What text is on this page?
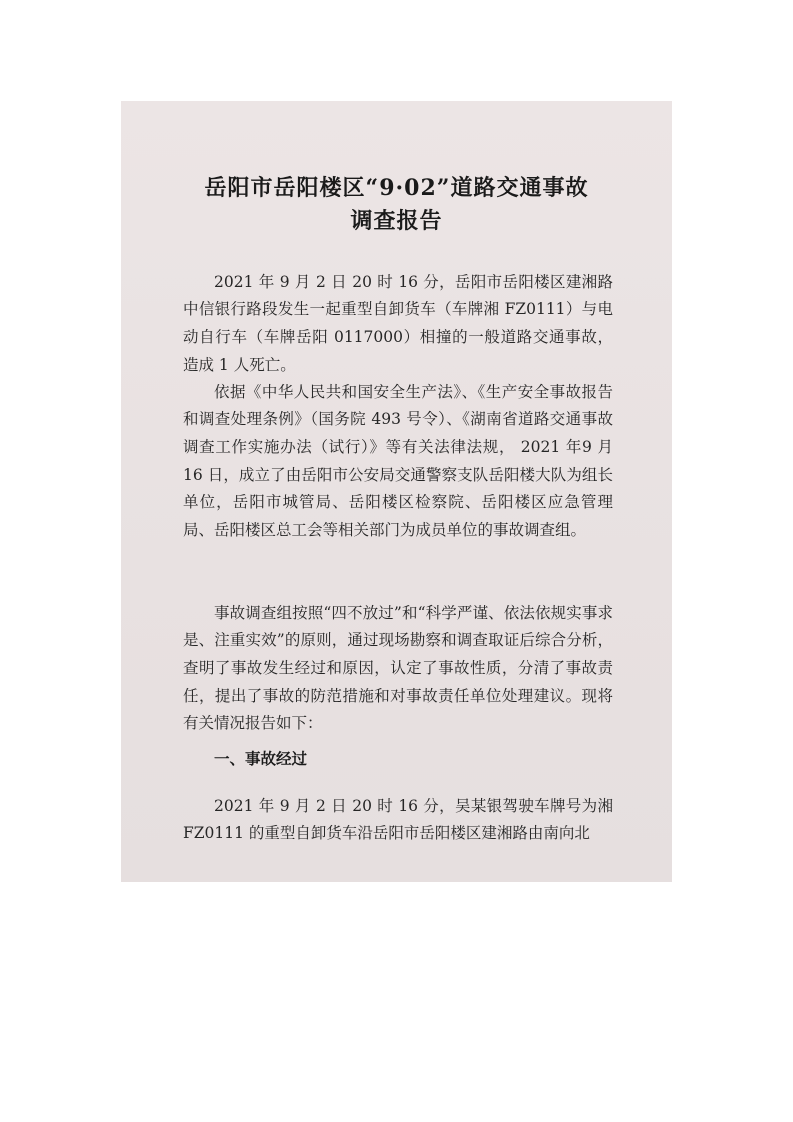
岳阳市岳阳楼区“9·02”道路交通事故
调查报告

2021 年 9 月 2 日 20 时 16 分，岳阳市岳阳楼区建湘路中信银行路段发生一起重型自卸货车（车牌湘 FZ0111）与电动自行车（车牌岳阳 0117000）相撞的一般道路交通事故，造成 1 人死亡。

依据《中华人民共和国安全生产法》、《生产安全事故报告和调查处理条例》（国务院 493 号令）、《湖南省道路交通事故调查工作实施办法（试行）》等有关法律法规， 2021 年9 月 16 日，成立了由岳阳市公安局交通警察支队岳阳楼大队为组长单位，岳阳市城管局、岳阳楼区检察院、岳阳楼区应急管理局、岳阳楼区总工会等相关部门为成员单位的事故调查组。

事故调查组按照“四不放过”和“科学严谨、依法依规实事求是、注重实效”的原则，通过现场勘察和调查取证后综合分析，查明了事故发生经过和原因，认定了事故性质，分清了事故责任，提出了事故的防范措施和对事故责任单位处理建议。现将有关情况报告如下：

一、事故经过

2021 年 9 月 2 日 20 时 16 分，吴某银驾驶车牌号为湘 FZ0111 的重型自卸货车沿岳阳市岳阳楼区建湘路由南向北
